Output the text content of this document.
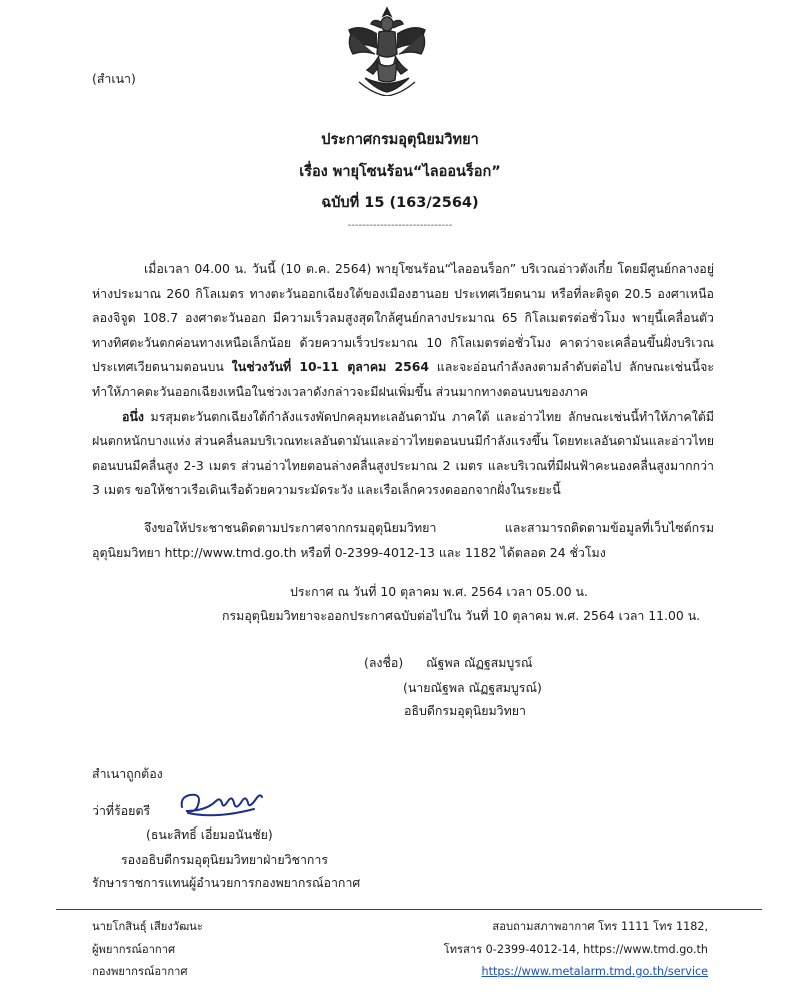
(สำเนา)
ประกาศกรมอุตุนิยมวิทยา
เรื่อง พายุโซนร้อน“ไลออนร็อก”
ฉบับที่ 15 (163/2564)
-----------------------------

เมื่อเวลา 04.00 น. วันนี้ (10 ต.ค. 2564) พายุโซนร้อน“ไลออนร็อก” บริเวณอ่าวตังเกี๋ย โดยมีศูนย์กลางอยู่ห่างประมาณ 260 กิโลเมตร ทางตะวันออกเฉียงใต้ของเมืองฮานอย ประเทศเวียดนาม หรือที่ละติจูด 20.5 องศาเหนือ ลองจิจูด 108.7 องศาตะวันออก มีความเร็วลมสูงสุดใกล้ศูนย์กลางประมาณ 65 กิโลเมตรต่อชั่วโมง พายุนี้เคลื่อนตัวทางทิศตะวันตกค่อนทางเหนือเล็กน้อย ด้วยความเร็วประมาณ 10 กิโลเมตรต่อชั่วโมง คาดว่าจะเคลื่อนขึ้นฝั่งบริเวณประเทศเวียดนามตอนบน ในช่วงวันที่ 10-11 ตุลาคม 2564 และจะอ่อนกำลังลงตามลำดับต่อไป ลักษณะเช่นนี้จะทำให้ภาคตะวันออกเฉียงเหนือในช่วงเวลาดังกล่าวจะมีฝนเพิ่มขึ้น ส่วนมากทางตอนบนของภาค

อนึ่ง มรสุมตะวันตกเฉียงใต้กำลังแรงพัดปกคลุมทะเลอันดามัน ภาคใต้ และอ่าวไทย ลักษณะเช่นนี้ทำให้ภาคใต้มีฝนตกหนักบางแห่ง ส่วนคลื่นลมบริเวณทะเลอันดามันและอ่าวไทยตอนบนมีกำลังแรงขึ้น โดยทะเลอันดามันและอ่าวไทยตอนบนมีคลื่นสูง 2-3 เมตร ส่วนอ่าวไทยตอนล่างคลื่นสูงประมาณ 2 เมตร และบริเวณที่มีฝนฟ้าคะนองคลื่นสูงมากกว่า 3 เมตร ขอให้ชาวเรือเดินเรือด้วยความระมัดระวัง และเรือเล็กควรงดออกจากฝั่งในระยะนี้

จึงขอให้ประชาชนติดตามประกาศจากกรมอุตุนิยมวิทยา และสามารถติดตามข้อมูลที่เว็บไซต์กรมอุตุนิยมวิทยา http://www.tmd.go.th หรือที่ 0-2399-4012-13 และ 1182 ได้ตลอด 24 ชั่วโมง
ประกาศ ณ วันที่ 10 ตุลาคม พ.ศ. 2564 เวลา 05.00 น.
กรมอุตุนิยมวิทยาจะออกประกาศฉบับต่อไปใน วันที่ 10 ตุลาคม พ.ศ. 2564 เวลา 11.00 น.
(ลงชื่อ) ณัฐพล ณัฏฐสมบูรณ์
(นายณัฐพล ณัฏฐสมบูรณ์)
อธิบดีกรมอุตุนิยมวิทยา
สำเนาถูกต้อง
ว่าที่ร้อยตรี
(ธนะสิทธิ์ เอี่ยมอนันชัย)
รองอธิบดีกรมอุตุนิยมวิทยาฝ่ายวิชาการ
รักษาราชการแทนผู้อำนวยการกองพยากรณ์อากาศ
นายโกสินธุ์ เสียงวัฒนะ
ผู้พยากรณ์อากาศ
กองพยากรณ์อากาศ
สอบถามสภาพอากาศ โทร 1111 โทร 1182,
โทรสาร 0-2399-4012-14, https://www.tmd.go.th
https://www.metalarm.tmd.go.th/service
